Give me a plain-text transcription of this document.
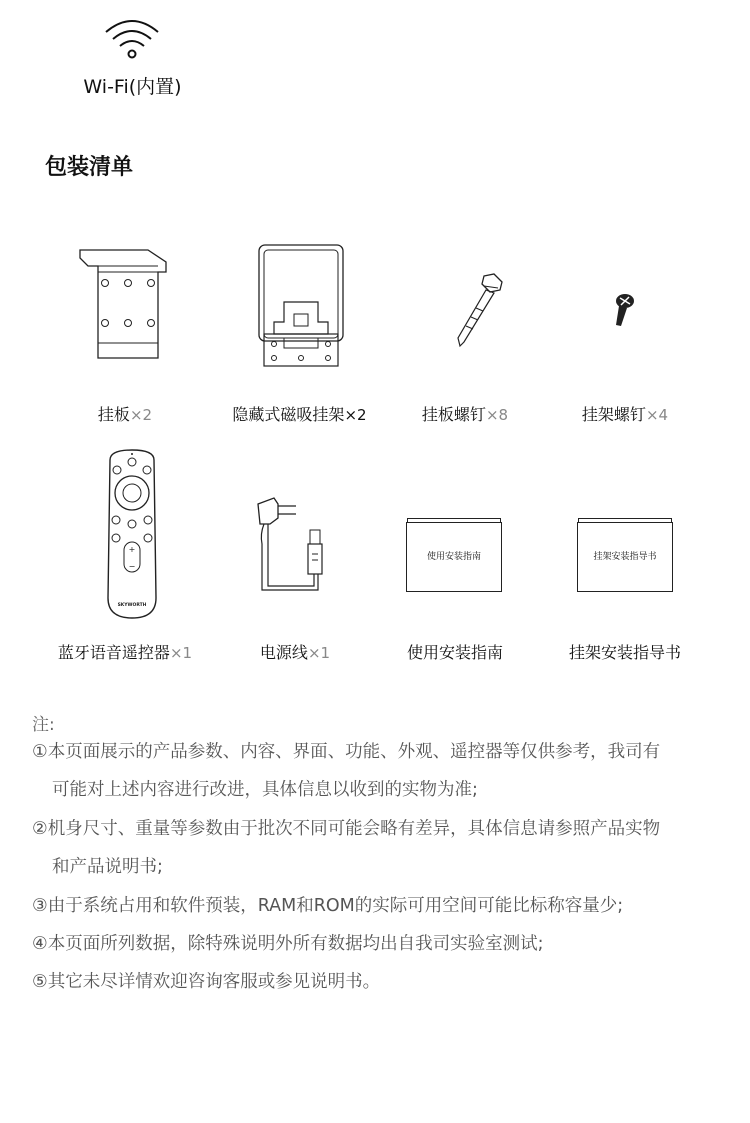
Wi-Fi(内置)
包装清单
挂板×2	隐藏式磁吸挂架×2	挂板螺钉×8	挂架螺钉×4
+
−
SKYWORTH
蓝牙语音遥控器×1	电源线×1
使用安装指南
使用安装指南
挂架安装指导书
挂架安装指导书
注:
①本页面展示的产品参数、内容、界面、功能、外观、遥控器等仅供参考，我司有
可能对上述内容进行改进，具体信息以收到的实物为准;
②机身尺寸、重量等参数由于批次不同可能会略有差异，具体信息请参照产品实物
和产品说明书;
③由于系统占用和软件预装，RAM和ROM的实际可用空间可能比标称容量少;
④本页面所列数据，除特殊说明外所有数据均出自我司实验室测试;
⑤其它未尽详情欢迎咨询客服或参见说明书。
